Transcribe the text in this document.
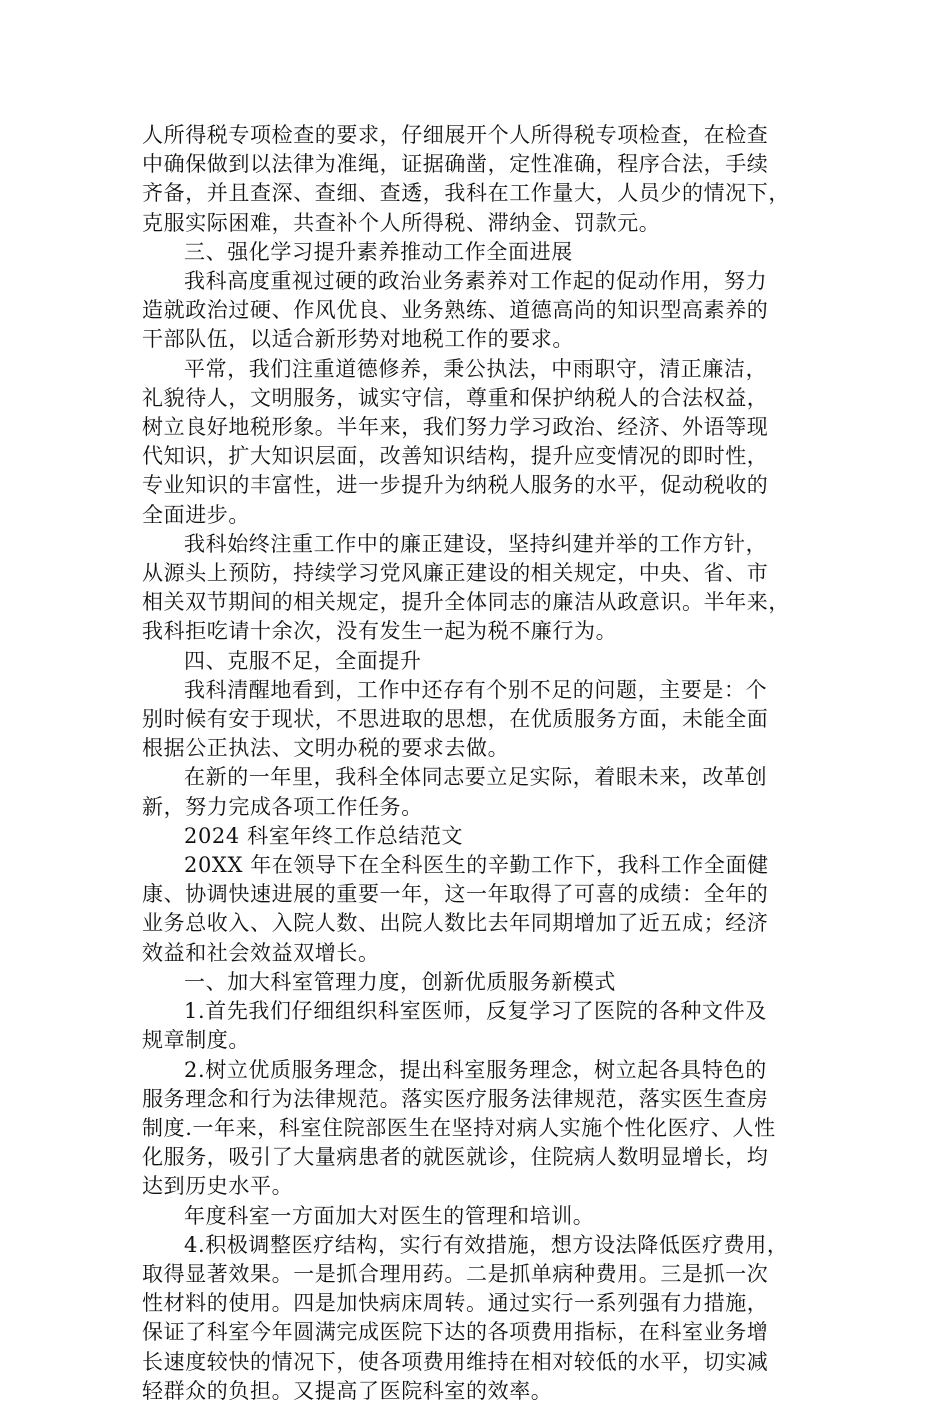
人所得税专项检查的要求，仔细展开个人所得税专项检查，在检查
中确保做到以法律为准绳，证据确凿，定性准确，程序合法，手续
齐备，并且查深、查细、查透，我科在工作量大，人员少的情况下，
克服实际困难，共查补个人所得税、滞纳金、罚款元。

三、强化学习提升素养推动工作全面进展

我科高度重视过硬的政治业务素养对工作起的促动作用，努力
造就政治过硬、作风优良、业务熟练、道德高尚的知识型高素养的
干部队伍，以适合新形势对地税工作的要求。

平常，我们注重道德修养，秉公执法，中雨职守，清正廉洁，
礼貌待人，文明服务，诚实守信，尊重和保护纳税人的合法权益，
树立良好地税形象。半年来，我们努力学习政治、经济、外语等现
代知识，扩大知识层面，改善知识结构，提升应变情况的即时性，
专业知识的丰富性，进一步提升为纳税人服务的水平，促动税收的
全面进步。

我科始终注重工作中的廉正建设，坚持纠建并举的工作方针，
从源头上预防，持续学习党风廉正建设的相关规定，中央、省、市
相关双节期间的相关规定，提升全体同志的廉洁从政意识。半年来，
我科拒吃请十余次，没有发生一起为税不廉行为。

四、克服不足，全面提升

我科清醒地看到，工作中还存有个别不足的问题，主要是：个
别时候有安于现状，不思进取的思想，在优质服务方面，未能全面
根据公正执法、文明办税的要求去做。

在新的一年里，我科全体同志要立足实际，着眼未来，改革创
新，努力完成各项工作任务。

2024 科室年终工作总结范文

20XX 年在领导下在全科医生的辛勤工作下，我科工作全面健
康、协调快速进展的重要一年，这一年取得了可喜的成绩：全年的
业务总收入、入院人数、出院人数比去年同期增加了近五成；经济
效益和社会效益双增长。

一、加大科室管理力度，创新优质服务新模式

1.首先我们仔细组织科室医师，反复学习了医院的各种文件及
规章制度。

2.树立优质服务理念，提出科室服务理念，树立起各具特色的
服务理念和行为法律规范。落实医疗服务法律规范，落实医生查房
制度.一年来，科室住院部医生在坚持对病人实施个性化医疗、人性
化服务，吸引了大量病患者的就医就诊，住院病人数明显增长，均
达到历史水平。

年度科室一方面加大对医生的管理和培训。

4.积极调整医疗结构，实行有效措施，想方设法降低医疗费用，
取得显著效果。一是抓合理用药。二是抓单病种费用。三是抓一次
性材料的使用。四是加快病床周转。通过实行一系列强有力措施，
保证了科室今年圆满完成医院下达的各项费用指标，在科室业务增
长速度较快的情况下，使各项费用维持在相对较低的水平，切实减
轻群众的负担。又提高了医院科室的效率。
